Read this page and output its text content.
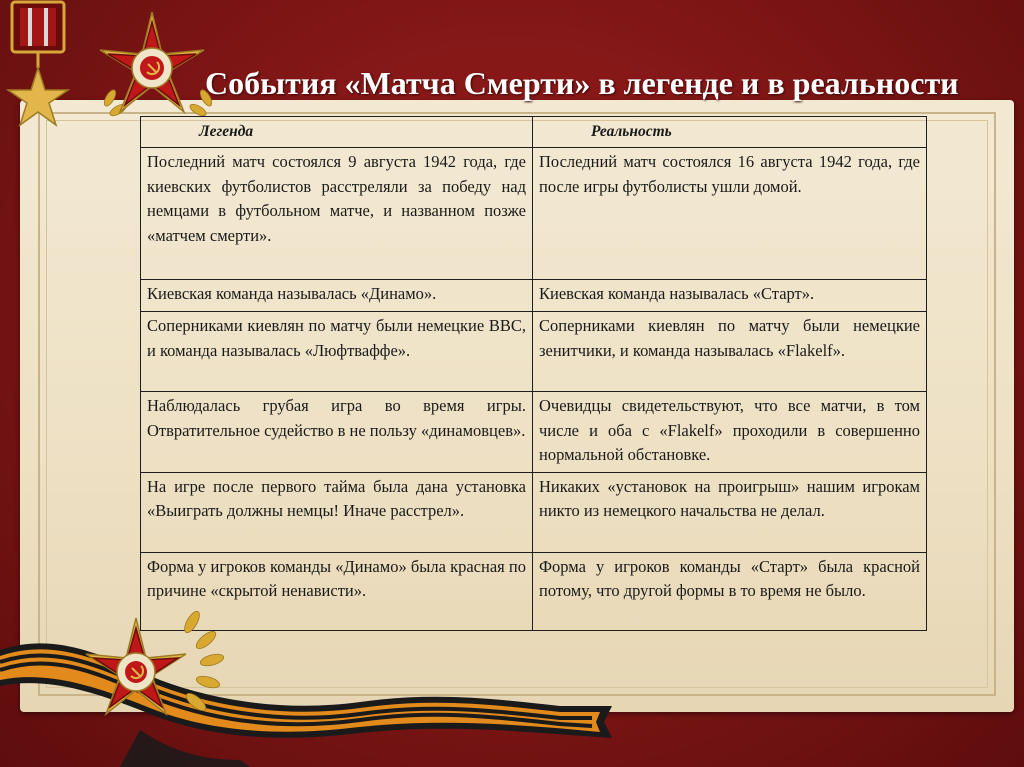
События «Матча Смерти» в легенде и в реальности
Легенда	Реальность
Последний матч состоялся 9 августа 1942 года, где киевских футболистов расстреляли за победу над немцами в футбольном матче, и названном позже «матчем смерти».	Последний матч состоялся 16 августа 1942 года, где после игры футболисты ушли домой.
Киевская команда называлась «Динамо».	Киевская команда называлась «Старт».
Соперниками киевлян по матчу были немецкие ВВС, и команда называлась «Люфтваффе».	Соперниками киевлян по матчу были немецкие зенитчики, и команда называлась «Flakelf».
Наблюдалась грубая игра во время игры. Отвратительное судейство в не пользу «динамовцев».	Очевидцы свидетельствуют, что все матчи, в том числе и оба с «Flakelf» проходили в совершенно нормальной обстановке.
На игре после первого тайма была дана установка «Выиграть должны немцы! Иначе расстрел».	Никаких «установок на проигрыш» нашим игрокам никто из немецкого начальства не делал.
Форма у игроков команды «Динамо» была красная по причине «скрытой ненависти».	Форма у игроков команды «Старт» была красной потому, что другой формы в то время не было.
